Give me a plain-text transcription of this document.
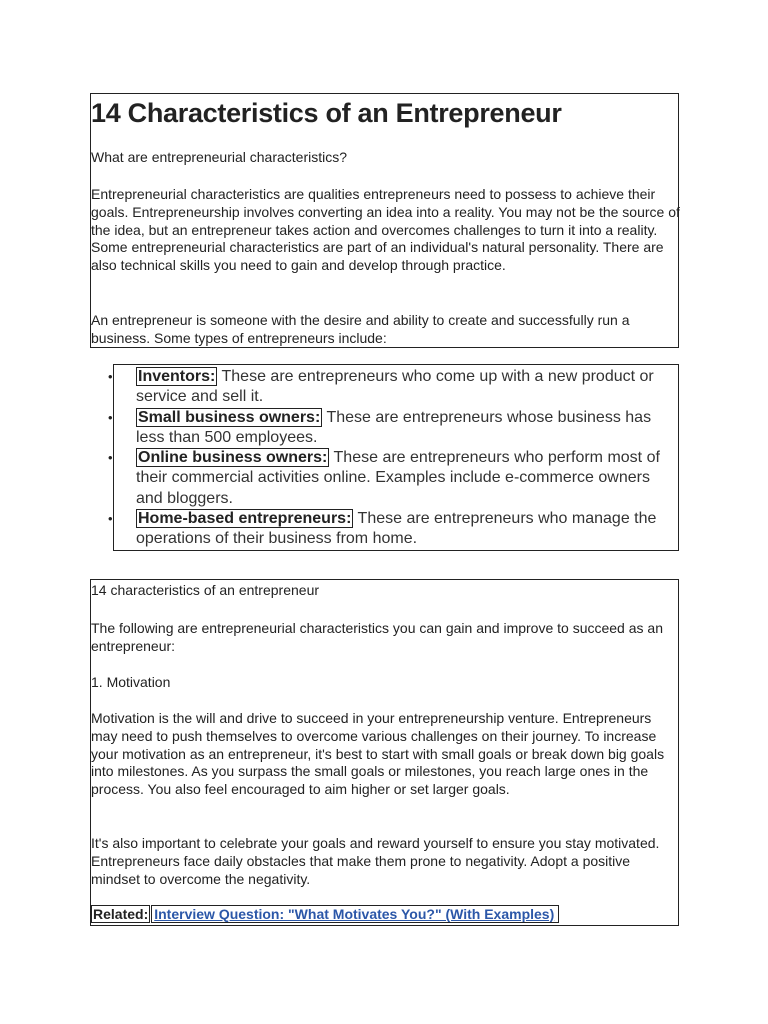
14 Characteristics of an Entrepreneur

What are entrepreneurial characteristics?

Entrepreneurial characteristics are qualities entrepreneurs need to possess to achieve their goals. Entrepreneurship involves converting an idea into a reality. You may not be the source of the idea, but an entrepreneur takes action and overcomes challenges to turn it into a reality. Some entrepreneurial characteristics are part of an individual's natural personality. There are also technical skills you need to gain and develop through practice.

An entrepreneur is someone with the desire and ability to create and successfully run a business. Some types of entrepreneurs include:

•	Inventors: These are entrepreneurs who come up with a new product or service and sell it.
•	Small business owners: These are entrepreneurs whose business has less than 500 employees.
•	Online business owners: These are entrepreneurs who perform most of their commercial activities online. Examples include e-commerce owners and bloggers.
•	Home-based entrepreneurs: These are entrepreneurs who manage the operations of their business from home.

14 characteristics of an entrepreneur

The following are entrepreneurial characteristics you can gain and improve to succeed as an entrepreneur:

1. Motivation

Motivation is the will and drive to succeed in your entrepreneurship venture. Entrepreneurs may need to push themselves to overcome various challenges on their journey. To increase your motivation as an entrepreneur, it's best to start with small goals or break down big goals into milestones. As you surpass the small goals or milestones, you reach large ones in the process. You also feel encouraged to aim higher or set larger goals.

It's also important to celebrate your goals and reward yourself to ensure you stay motivated. Entrepreneurs face daily obstacles that make them prone to negativity. Adopt a positive mindset to overcome the negativity.

Related: Interview Question: "What Motivates You?" (With Examples)
